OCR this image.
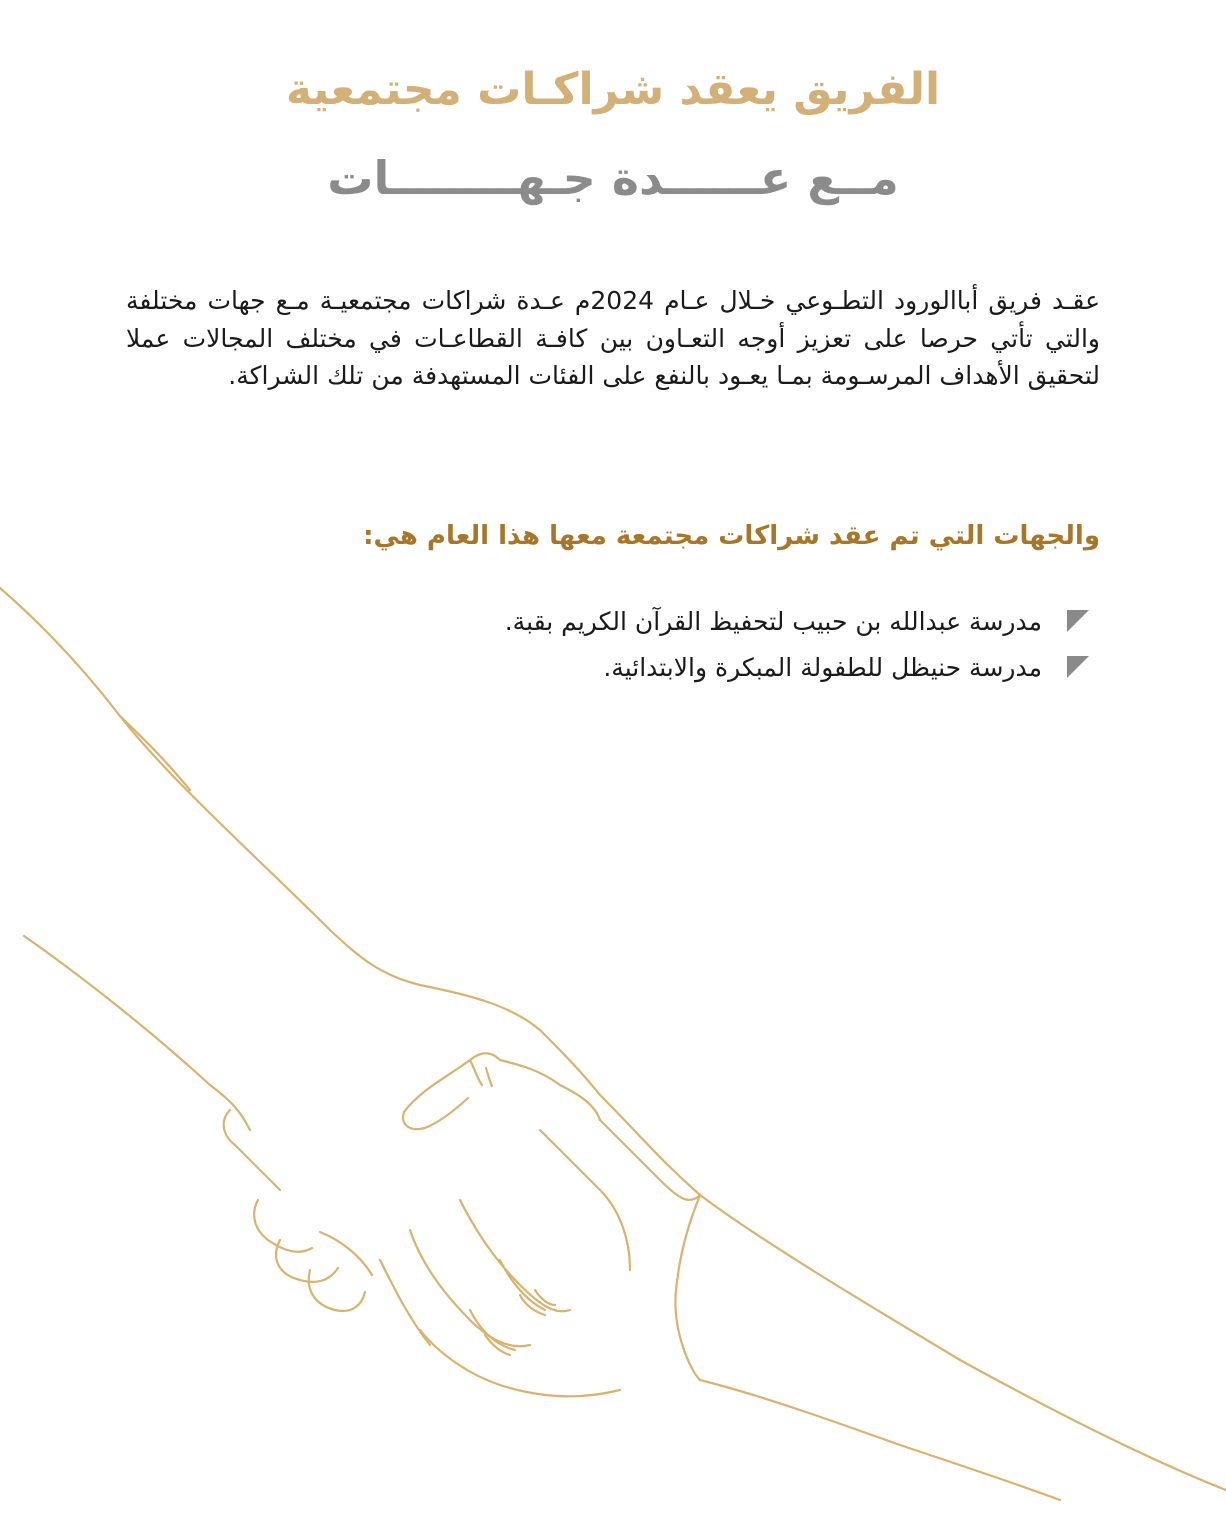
الفريق يعقد شراكـات مجتمعية
مــع عــــــدة جـهــــــــات

عقـد فريق أباالورود التطـوعي خـلال عـام 2024م عـدة شراكات مجتمعيـة مـع جهات مختلفة والتي تأتي حرصا على تعزيز أوجه التعـاون بين كافـة القطاعـات في مختلف المجالات عملا لتحقيق الأهداف المرسـومة بمـا يعـود بالنفع على الفئات المستهدفة من تلك الشراكة.

والجهات التي تم عقد شراكات مجتمعة معها هذا العام هي:
مدرسة عبدالله بن حبيب لتحفيظ القرآن الكريم بقبة.
مدرسة حنيظل للطفولة المبكرة والابتدائية.
